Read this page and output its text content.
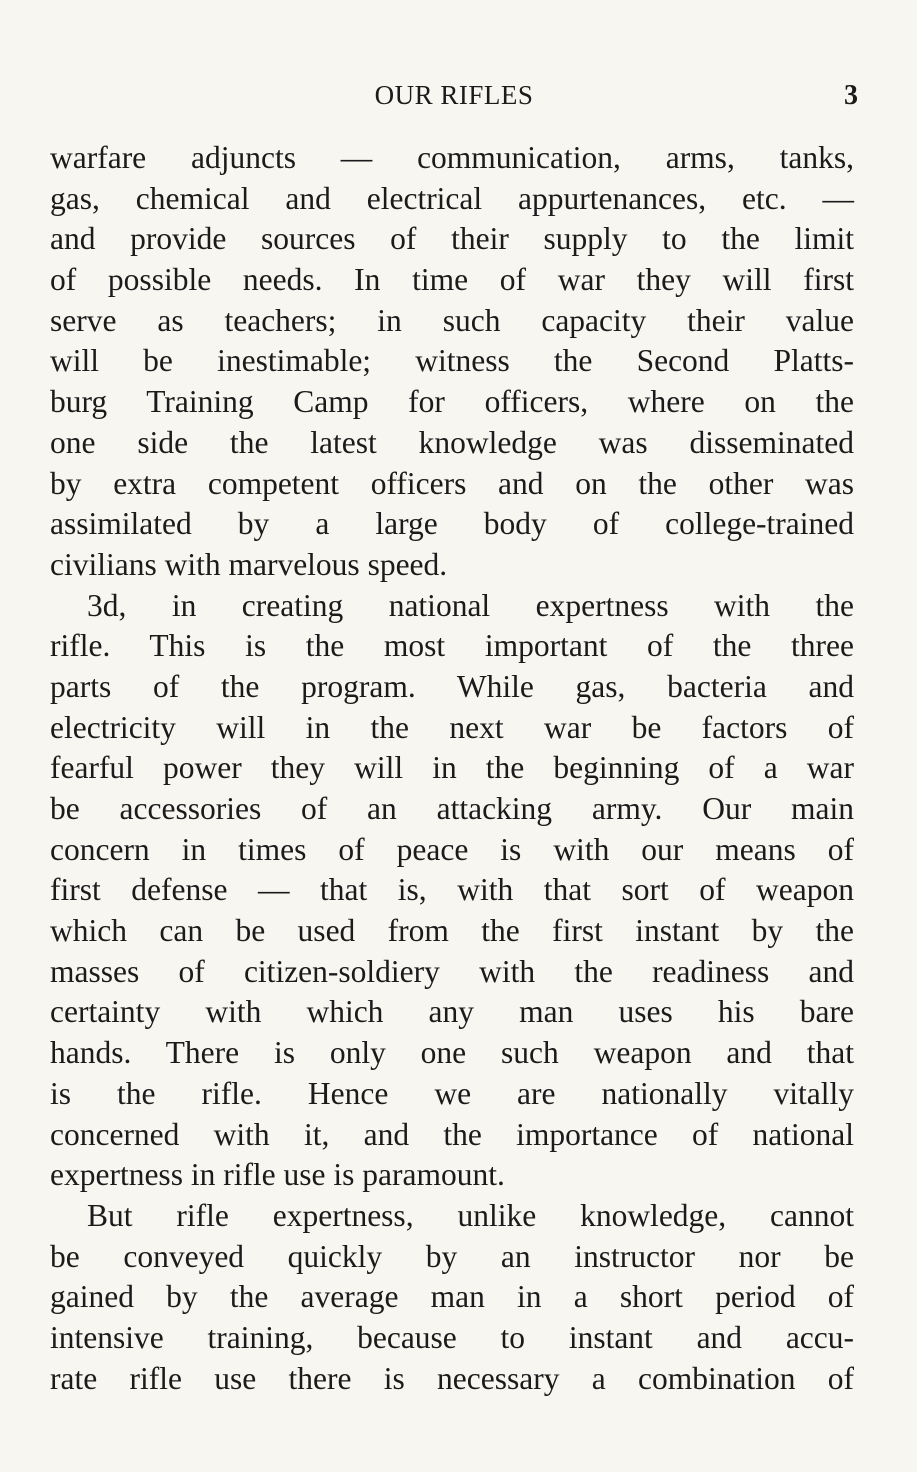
OUR RIFLES	3
warfare adjuncts — communication, arms, tanks,
gas, chemical and electrical appurtenances, etc. —
and provide sources of their supply to the limit
of possible needs. In time of war they will first
serve as teachers; in such capacity their value
will be inestimable; witness the Second Platts-
burg Training Camp for officers, where on the
one side the latest knowledge was disseminated
by extra competent officers and on the other was
assimilated by a large body of college-trained
civilians with marvelous speed.
3d, in creating national expertness with the
rifle. This is the most important of the three
parts of the program. While gas, bacteria and
electricity will in the next war be factors of
fearful power they will in the beginning of a war
be accessories of an attacking army. Our main
concern in times of peace is with our means of
first defense — that is, with that sort of weapon
which can be used from the first instant by the
masses of citizen-soldiery with the readiness and
certainty with which any man uses his bare
hands. There is only one such weapon and that
is the rifle. Hence we are nationally vitally
concerned with it, and the importance of national
expertness in rifle use is paramount.
But rifle expertness, unlike knowledge, cannot
be conveyed quickly by an instructor nor be
gained by the average man in a short period of
intensive training, because to instant and accu-
rate rifle use there is necessary a combination of
